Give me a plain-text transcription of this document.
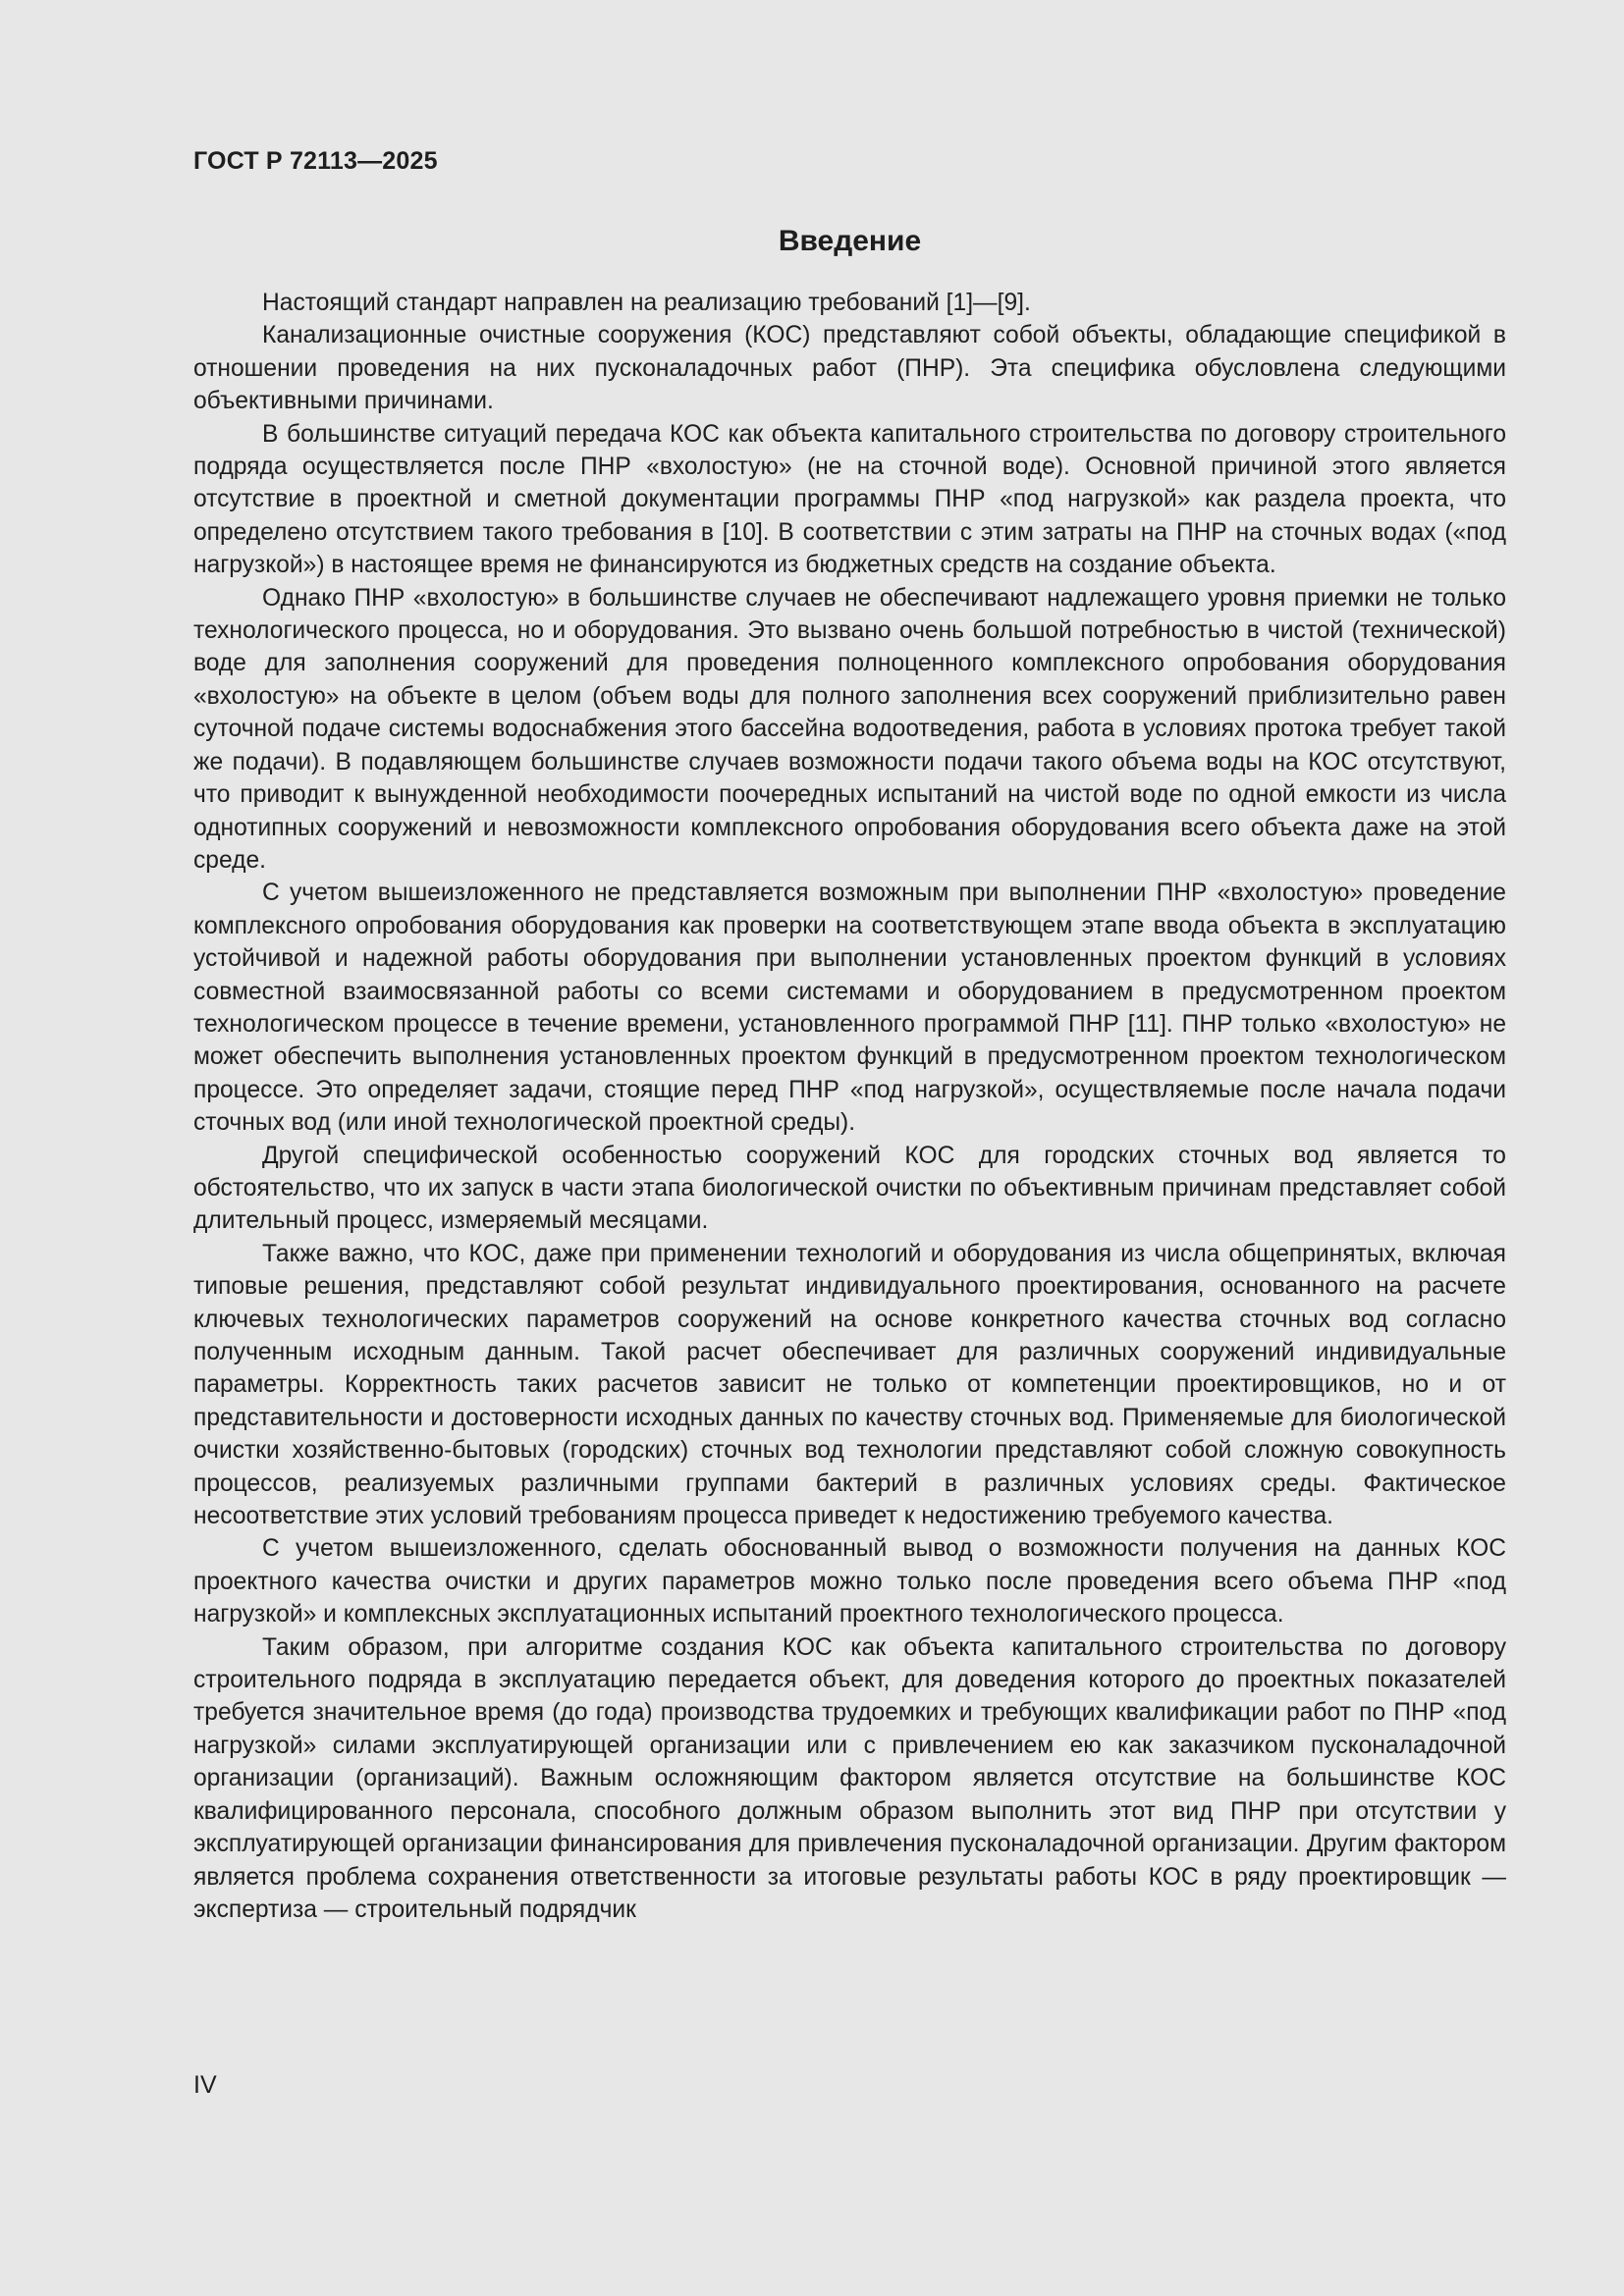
ГОСТ Р 72113—2025

Введение

Настоящий стандарт направлен на реализацию требований [1]—[9].

Канализационные очистные сооружения (КОС) представляют собой объекты, обладающие спецификой в отношении проведения на них пусконаладочных работ (ПНР). Эта специфика обусловлена следующими объективными причинами.

В большинстве ситуаций передача КОС как объекта капитального строительства по договору строительного подряда осуществляется после ПНР «вхолостую» (не на сточной воде). Основной причиной этого является отсутствие в проектной и сметной документации программы ПНР «под нагрузкой» как раздела проекта, что определено отсутствием такого требования в [10]. В соответствии с этим затраты на ПНР на сточных водах («под нагрузкой») в настоящее время не финансируются из бюджетных средств на создание объекта.

Однако ПНР «вхолостую» в большинстве случаев не обеспечивают надлежащего уровня приемки не только технологического процесса, но и оборудования. Это вызвано очень большой потребностью в чистой (технической) воде для заполнения сооружений для проведения полноценного комплексного опробования оборудования «вхолостую» на объекте в целом (объем воды для полного заполнения всех сооружений приблизительно равен суточной подаче системы водоснабжения этого бассейна водоотведения, работа в условиях протока требует такой же подачи). В подавляющем большинстве случаев возможности подачи такого объема воды на КОС отсутствуют, что приводит к вынужденной необходимости поочередных испытаний на чистой воде по одной емкости из числа однотипных сооружений и невозможности комплексного опробования оборудования всего объекта даже на этой среде.

С учетом вышеизложенного не представляется возможным при выполнении ПНР «вхолостую» проведение комплексного опробования оборудования как проверки на соответствующем этапе ввода объекта в эксплуатацию устойчивой и надежной работы оборудования при выполнении установленных проектом функций в условиях совместной взаимосвязанной работы со всеми системами и оборудованием в предусмотренном проектом технологическом процессе в течение времени, установленного программой ПНР [11]. ПНР только «вхолостую» не может обеспечить выполнения установленных проектом функций в предусмотренном проектом технологическом процессе. Это определяет задачи, стоящие перед ПНР «под нагрузкой», осуществляемые после начала подачи сточных вод (или иной технологической проектной среды).

Другой специфической особенностью сооружений КОС для городских сточных вод является то обстоятельство, что их запуск в части этапа биологической очистки по объективным причинам представляет собой длительный процесс, измеряемый месяцами.

Также важно, что КОС, даже при применении технологий и оборудования из числа общепринятых, включая типовые решения, представляют собой результат индивидуального проектирования, основанного на расчете ключевых технологических параметров сооружений на основе конкретного качества сточных вод согласно полученным исходным данным. Такой расчет обеспечивает для различных сооружений индивидуальные параметры. Корректность таких расчетов зависит не только от компетенции проектировщиков, но и от представительности и достоверности исходных данных по качеству сточных вод. Применяемые для биологической очистки хозяйственно-бытовых (городских) сточных вод технологии представляют собой сложную совокупность процессов, реализуемых различными группами бактерий в различных условиях среды. Фактическое несоответствие этих условий требованиям процесса приведет к недостижению требуемого качества.

С учетом вышеизложенного, сделать обоснованный вывод о возможности получения на данных КОС проектного качества очистки и других параметров можно только после проведения всего объема ПНР «под нагрузкой» и комплексных эксплуатационных испытаний проектного технологического процесса.

Таким образом, при алгоритме создания КОС как объекта капитального строительства по договору строительного подряда в эксплуатацию передается объект, для доведения которого до проектных показателей требуется значительное время (до года) производства трудоемких и требующих квалификации работ по ПНР «под нагрузкой» силами эксплуатирующей организации или с привлечением ею как заказчиком пусконаладочной организации (организаций). Важным осложняющим фактором является отсутствие на большинстве КОС квалифицированного персонала, способного должным образом выполнить этот вид ПНР при отсутствии у эксплуатирующей организации финансирования для привлечения пусконаладочной организации. Другим фактором является проблема сохранения ответственности за итоговые результаты работы КОС в ряду проектировщик — экспертиза — строительный подрядчик

IV
